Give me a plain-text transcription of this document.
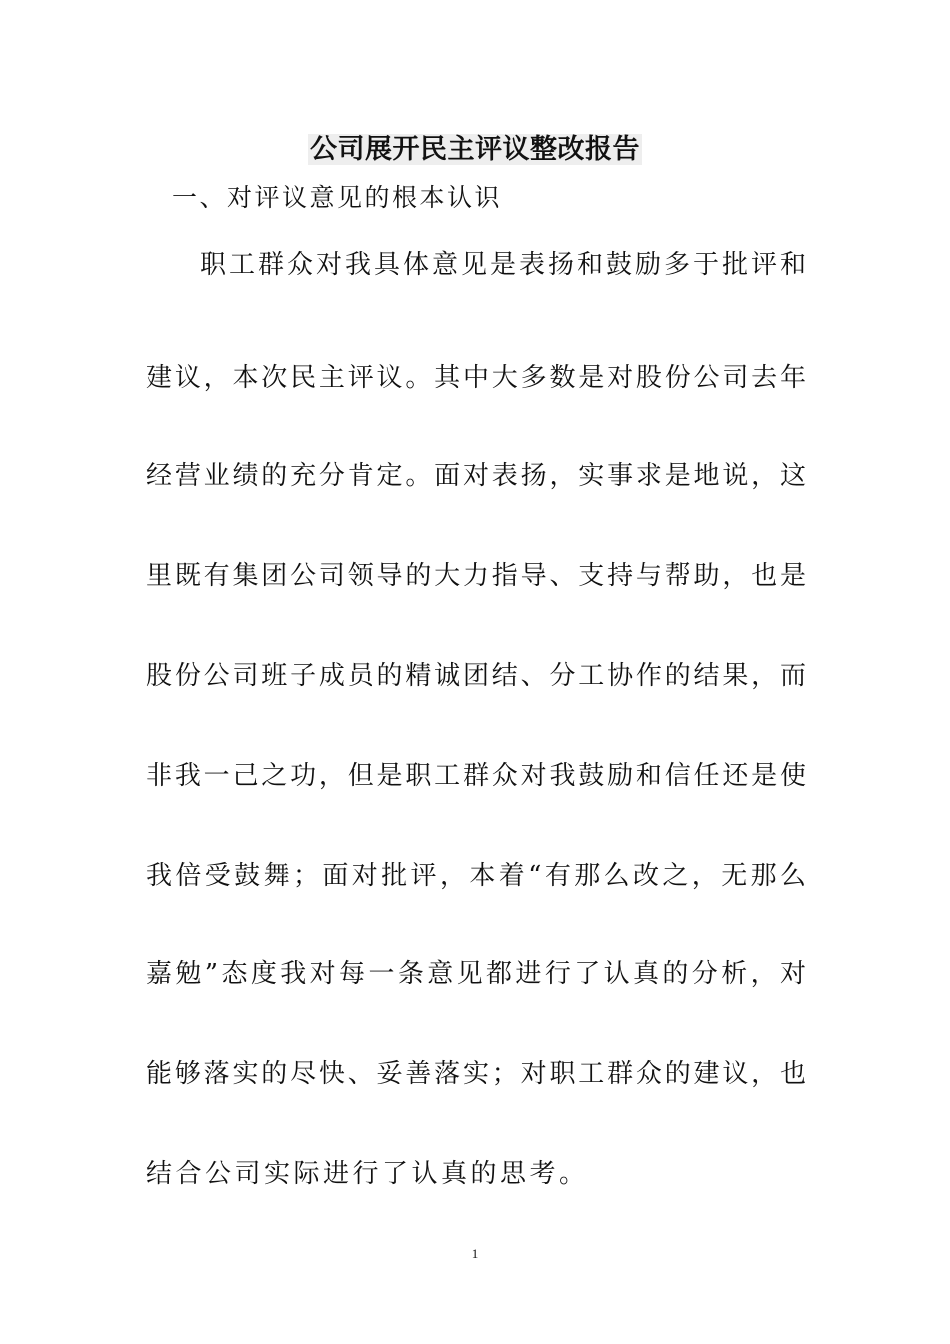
公司展开民主评议整改报告
一、对评议意见的根本认识
职工群众对我具体意见是表扬和鼓励多于批评和
建议，本次民主评议。其中大多数是对股份公司去年
经营业绩的充分肯定。面对表扬，实事求是地说，这
里既有集团公司领导的大力指导、支持与帮助，也是
股份公司班子成员的精诚团结、分工协作的结果，而
非我一己之功，但是职工群众对我鼓励和信任还是使
我倍受鼓舞；面对批评，本着“有那么改之，无那么
嘉勉”态度我对每一条意见都进行了认真的分析，对
能够落实的尽快、妥善落实；对职工群众的建议，也
结合公司实际进行了认真的思考。
1
